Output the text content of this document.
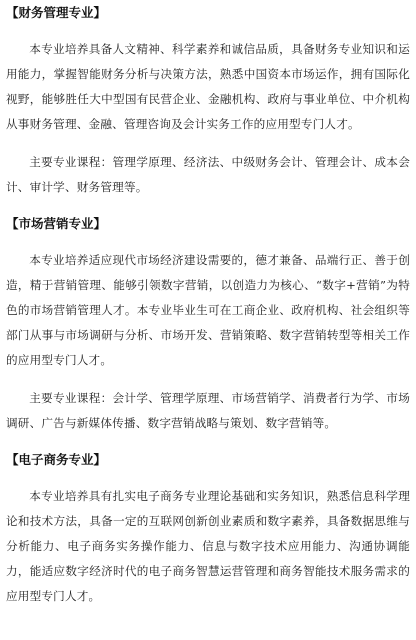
【财务管理专业】

本专业培养具备人文精神、科学素养和诚信品质，具备财务专业知识和运用能力，掌握智能财务分析与决策方法，熟悉中国资本市场运作，拥有国际化视野，能够胜任大中型国有民营企业、金融机构、政府与事业单位、中介机构从事财务管理、金融、管理咨询及会计实务工作的应用型专门人才。

主要专业课程：管理学原理、经济法、中级财务会计、管理会计、成本会计、审计学、财务管理等。

【市场营销专业】

本专业培养适应现代市场经济建设需要的，德才兼备、品端行正、善于创造，精于营销管理、能够引领数字营销，以创造力为核心、“数字+营销”为特色的市场营销管理人才。本专业毕业生可在工商企业、政府机构、社会组织等部门从事与市场调研与分析、市场开发、营销策略、数字营销转型等相关工作的应用型专门人才。

主要专业课程：会计学、管理学原理、市场营销学、消费者行为学、市场调研、广告与新媒体传播、数字营销战略与策划、数字营销等。

【电子商务专业】

本专业培养具有扎实电子商务专业理论基础和实务知识，熟悉信息科学理论和技术方法，具备一定的互联网创新创业素质和数字素养，具备数据思维与分析能力、电子商务实务操作能力、信息与数字技术应用能力、沟通协调能力，能适应数字经济时代的电子商务智慧运营管理和商务智能技术服务需求的应用型专门人才。
